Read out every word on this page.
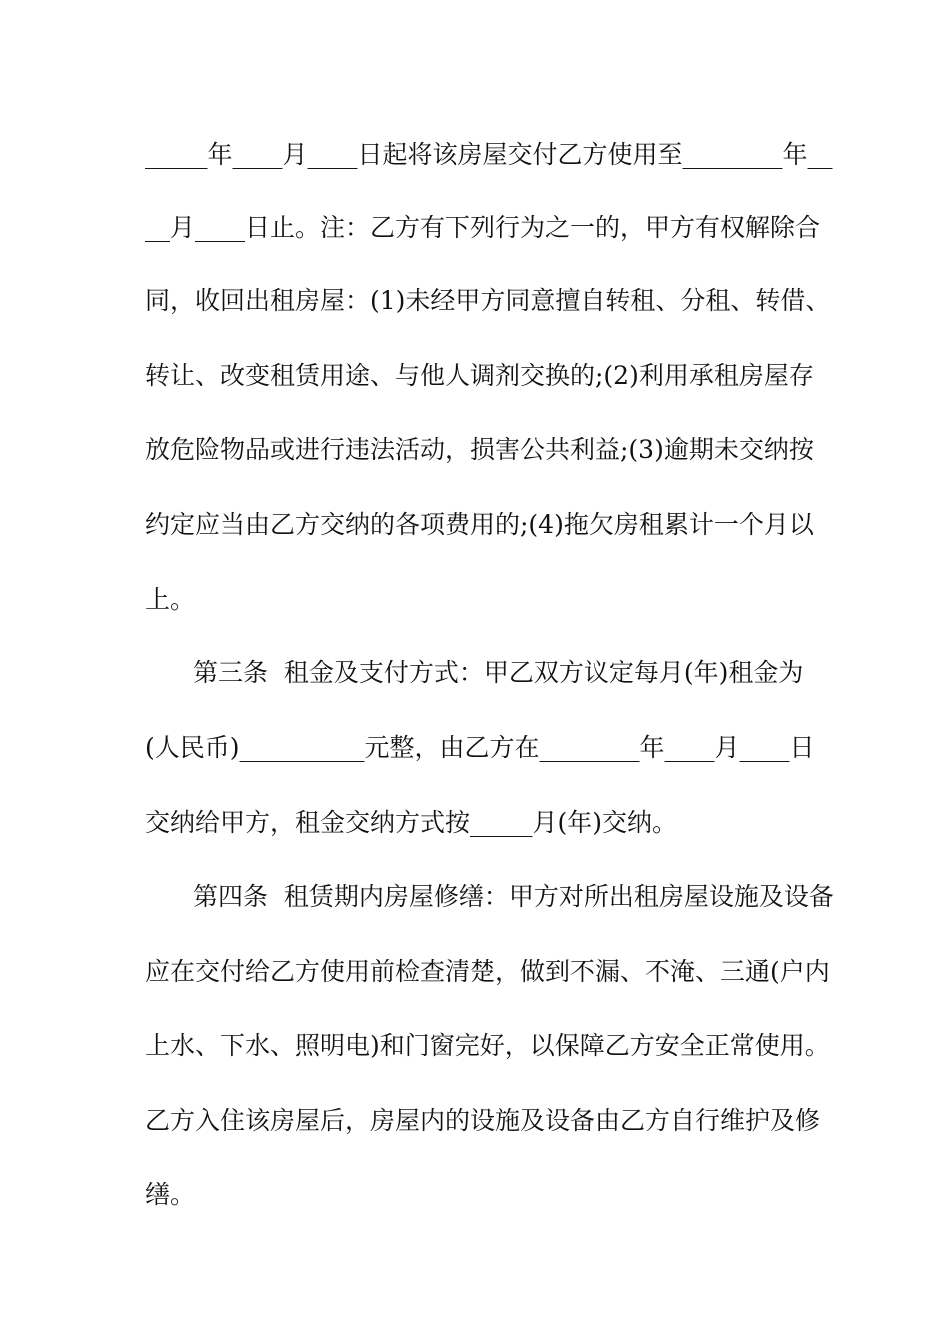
_____年____月____日起将该房屋交付乙方使用至________年__
__月____日止。注：乙方有下列行为之一的，甲方有权解除合
同，收回出租房屋：(1)未经甲方同意擅自转租、分租、转借、
转让、改变租赁用途、与他人调剂交换的;(2)利用承租房屋存
放危险物品或进行违法活动，损害公共利益;(3)逾期未交纳按
约定应当由乙方交纳的各项费用的;(4)拖欠房租累计一个月以
上。
第三条  租金及支付方式：甲乙双方议定每月(年)租金为
(人民币)__________元整，由乙方在________年____月____日
交纳给甲方，租金交纳方式按_____月(年)交纳。
第四条  租赁期内房屋修缮：甲方对所出租房屋设施及设备
应在交付给乙方使用前检查清楚，做到不漏、不淹、三通(户内
上水、下水、照明电)和门窗完好，以保障乙方安全正常使用。
乙方入住该房屋后，房屋内的设施及设备由乙方自行维护及修
缮。
